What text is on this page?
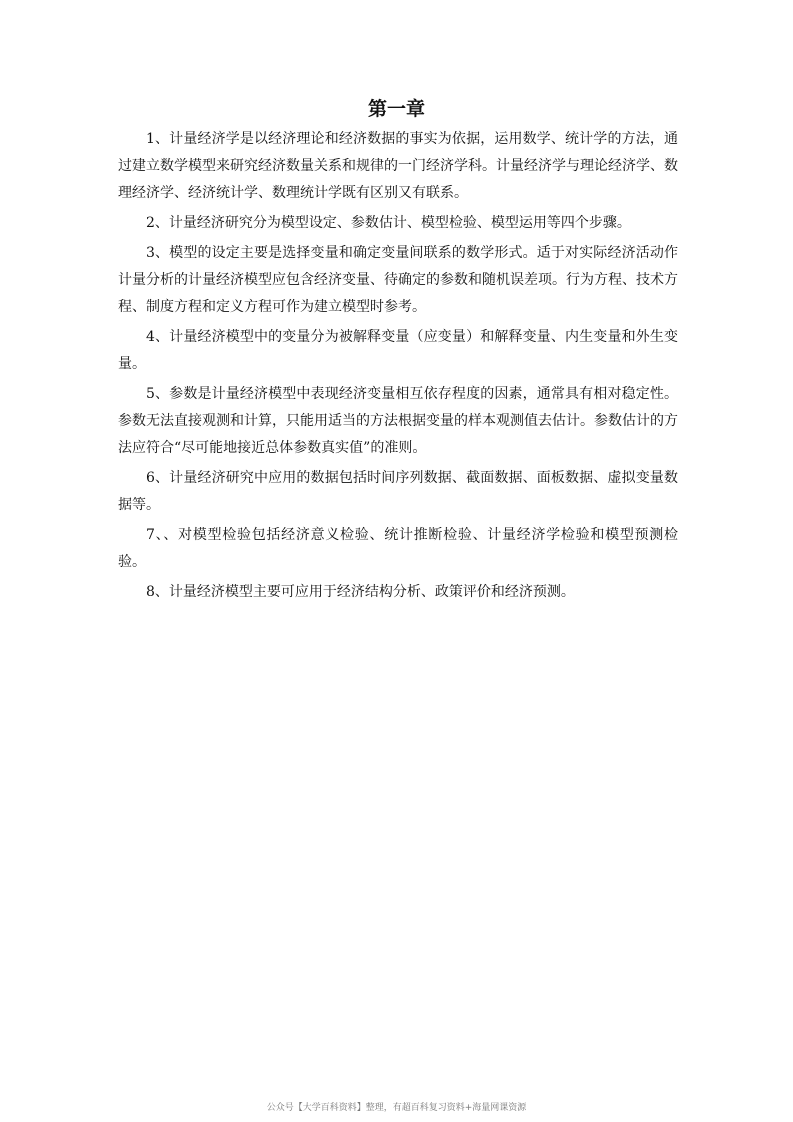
第一章

1、计量经济学是以经济理论和经济数据的事实为依据，运用数学、统计学的方法，通过建立数学模型来研究经济数量关系和规律的一门经济学科。计量经济学与理论经济学、数理经济学、经济统计学、数理统计学既有区别又有联系。

2、计量经济研究分为模型设定、参数估计、模型检验、模型运用等四个步骤。

3、模型的设定主要是选择变量和确定变量间联系的数学形式。适于对实际经济活动作计量分析的计量经济模型应包含经济变量、待确定的参数和随机误差项。行为方程、技术方程、制度方程和定义方程可作为建立模型时参考。

4、计量经济模型中的变量分为被解释变量（应变量）和解释变量、内生变量和外生变量。

5、参数是计量经济模型中表现经济变量相互依存程度的因素，通常具有相对稳定性。参数无法直接观测和计算，只能用适当的方法根据变量的样本观测值去估计。参数估计的方法应符合“尽可能地接近总体参数真实值”的准则。

6、计量经济研究中应用的数据包括时间序列数据、截面数据、面板数据、虚拟变量数据等。

7、、对模型检验包括经济意义检验、统计推断检验、计量经济学检验和模型预测检验。

8、计量经济模型主要可应用于经济结构分析、政策评价和经济预测。

公众号【大学百科资料】整理，有超百科复习资料+海量网课资源
